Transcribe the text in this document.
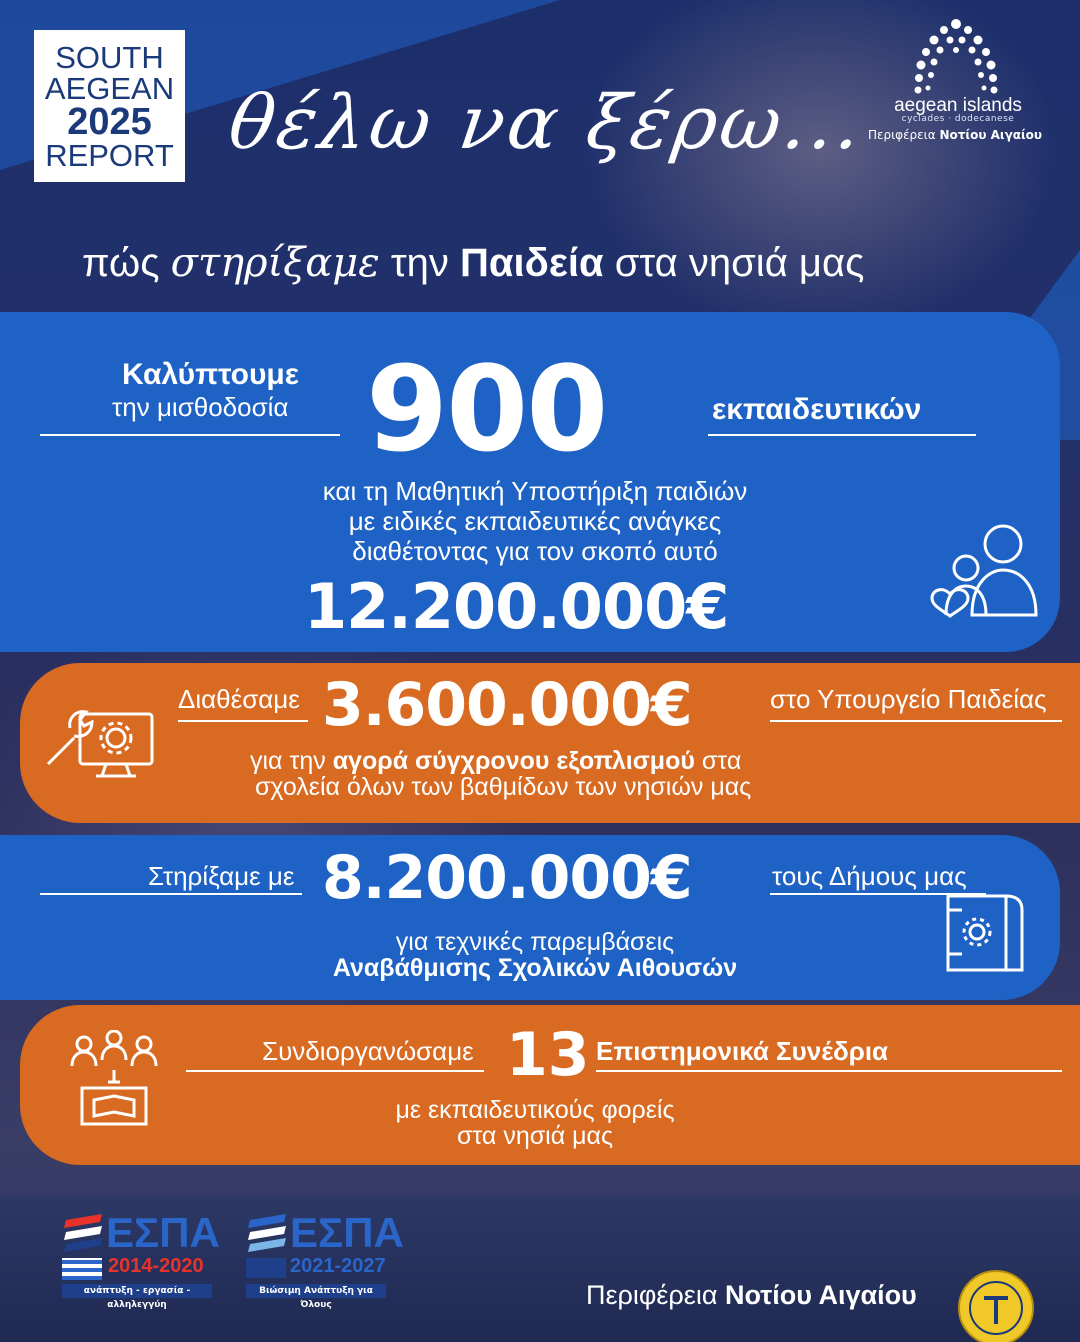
SOUTH
AEGEAN
2025
REPORT
aegean islands
cyclades · dodecanese
Περιφέρεια Νοτίου Αιγαίου
θέλω να ξέρω...
πώς στηρίξαμε την Παιδεία στα νησιά μας
Καλύπτουμε
την μισθοδοσία 900	εκπαιδευτικών
και τη Μαθητική Υποστήριξη παιδιών
με ειδικές εκπαιδευτικές ανάγκες
διαθέτοντας για τον σκοπό αυτό
12.200.000€
Διαθέσαμε 3.600.000€	στο Υπουργείο Παιδείας
για την αγορά σύγχρονου εξοπλισμού στα
σχολεία όλων των βαθμίδων των νησιών μας
Στηρίξαμε με 8.200.000€	τους Δήμους μας
για τεχνικές παρεμβάσεις
Αναβάθμισης Σχολικών Αιθουσών
Συνδιοργανώσαμε 13 Επιστημονικά Συνέδρια
με εκπαιδευτικούς φορείς
στα νησιά μας
ΕΣΠΑ
2014-2020
ανάπτυξη - εργασία - αλληλεγγύη
ΕΣΠΑ
2021-2027
Βιώσιμη Ανάπτυξη για Όλους	Περιφέρεια Νοτίου Αιγαίου
